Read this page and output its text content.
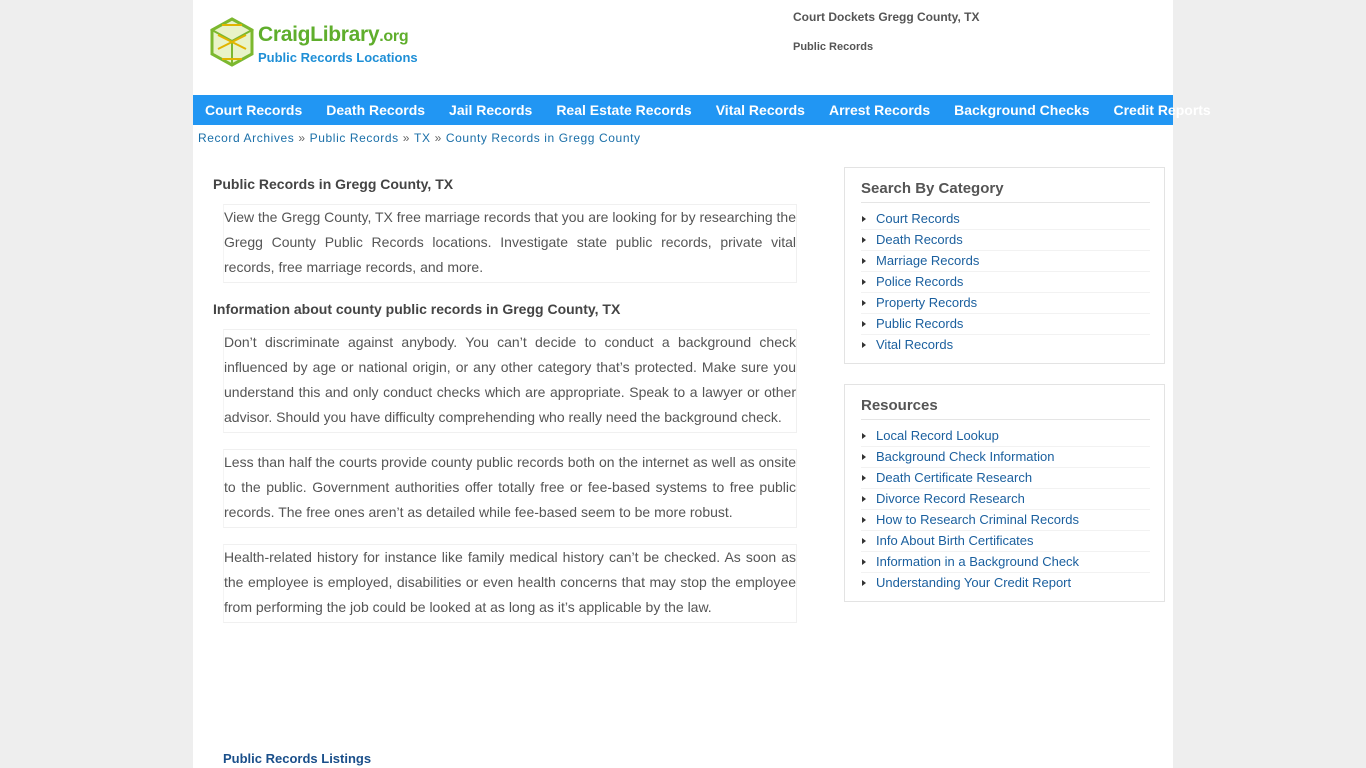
CraigLibrary.org
Public Records Locations
Court Dockets Gregg County, TX
Public Records
Court Records	Death Records	Jail Records	Real Estate Records	Vital Records	Arrest Records	Background Checks	Credit Reports
Record Archives » Public Records » TX » County Records in Gregg County
Public Records in Gregg County, TX
View the Gregg County, TX free marriage records that you are looking for by researching the Gregg County Public Records locations. Investigate state public records, private vital records, free marriage records, and more.
Information about county public records in Gregg County, TX
Don’t discriminate against anybody. You can’t decide to conduct a background check influenced by age or national origin, or any other category that’s protected. Make sure you understand this and only conduct checks which are appropriate. Speak to a lawyer or other advisor. Should you have difficulty comprehending who really need the background check.
Less than half the courts provide county public records both on the internet as well as onsite to the public. Government authorities offer totally free or fee-based systems to free public records. The free ones aren’t as detailed while fee-based seem to be more robust.
Health-related history for instance like family medical history can’t be checked. As soon as the employee is employed, disabilities or even health concerns that may stop the employee from performing the job could be looked at as long as it’s applicable by the law.
Public Records Listings
Search By Category
Court Records
Death Records
Marriage Records
Police Records
Property Records
Public Records
Vital Records
Resources
Local Record Lookup
Background Check Information
Death Certificate Research
Divorce Record Research
How to Research Criminal Records
Info About Birth Certificates
Information in a Background Check
Understanding Your Credit Report
